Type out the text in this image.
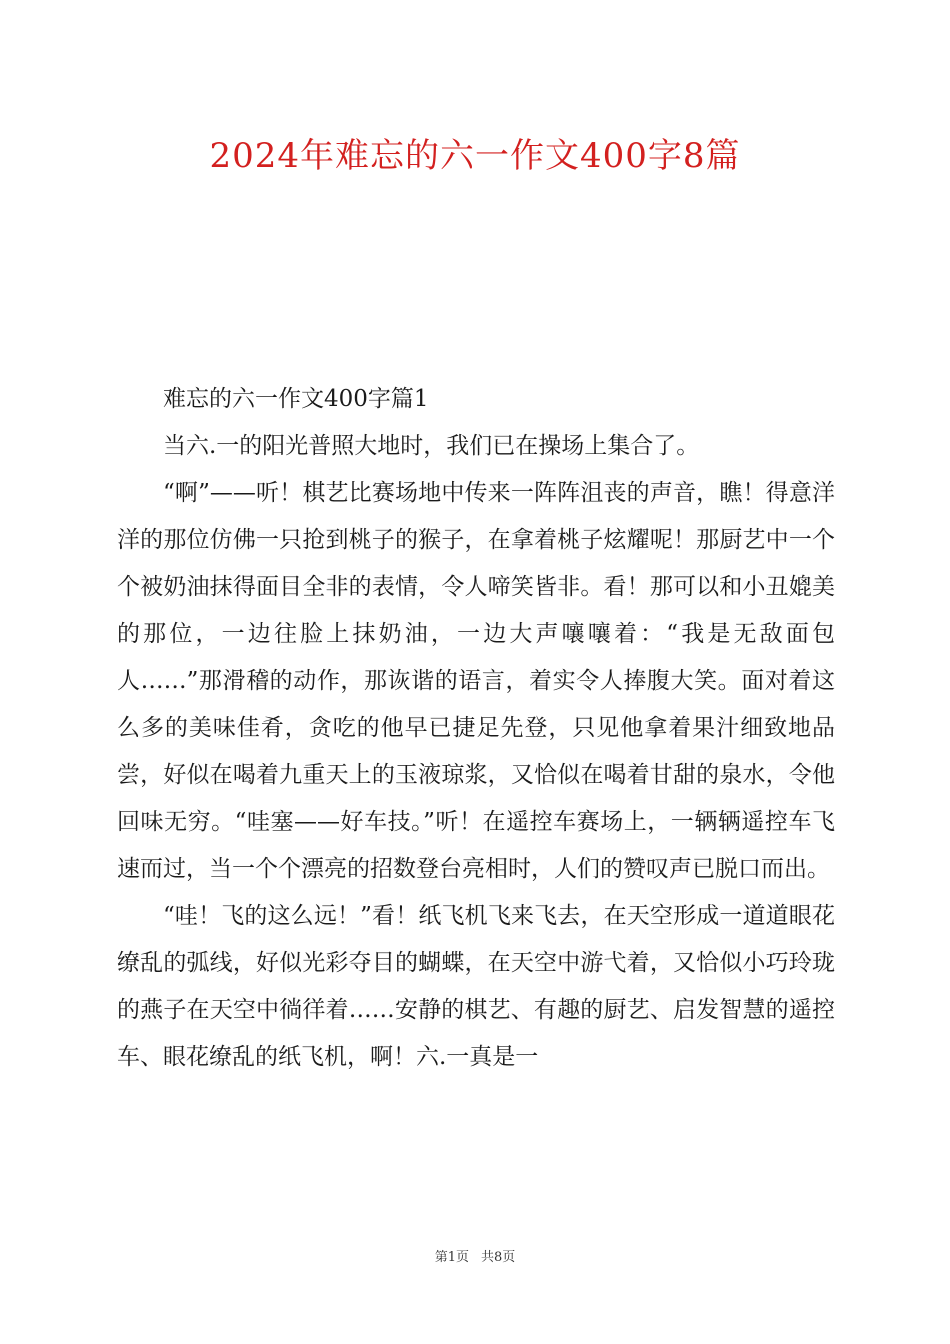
2024年难忘的六一作文400字8篇

难忘的六一作文400字篇1

当六.一的阳光普照大地时，我们已在操场上集合了。

“啊”——听！棋艺比赛场地中传来一阵阵沮丧的声音，瞧！得意洋洋的那位仿佛一只抢到桃子的猴子，在拿着桃子炫耀呢！那厨艺中一个个被奶油抹得面目全非的表情，令人啼笑皆非。看！那可以和小丑媲美的那位，一边往脸上抹奶油，一边大声嚷嚷着：“我是无敌面包人……”那滑稽的动作，那诙谐的语言，着实令人捧腹大笑。面对着这么多的美味佳肴，贪吃的他早已捷足先登，只见他拿着果汁细致地品尝，好似在喝着九重天上的玉液琼浆，又恰似在喝着甘甜的泉水，令他回味无穷。“哇塞——好车技。”听！在遥控车赛场上，一辆辆遥控车飞速而过，当一个个漂亮的招数登台亮相时，人们的赞叹声已脱口而出。

“哇！飞的这么远！”看！纸飞机飞来飞去，在天空形成一道道眼花缭乱的弧线，好似光彩夺目的蝴蝶，在天空中游弋着，又恰似小巧玲珑的燕子在天空中徜徉着……安静的棋艺、有趣的厨艺、启发智慧的遥控车、眼花缭乱的纸飞机，啊！六.一真是一

第1页 共8页
